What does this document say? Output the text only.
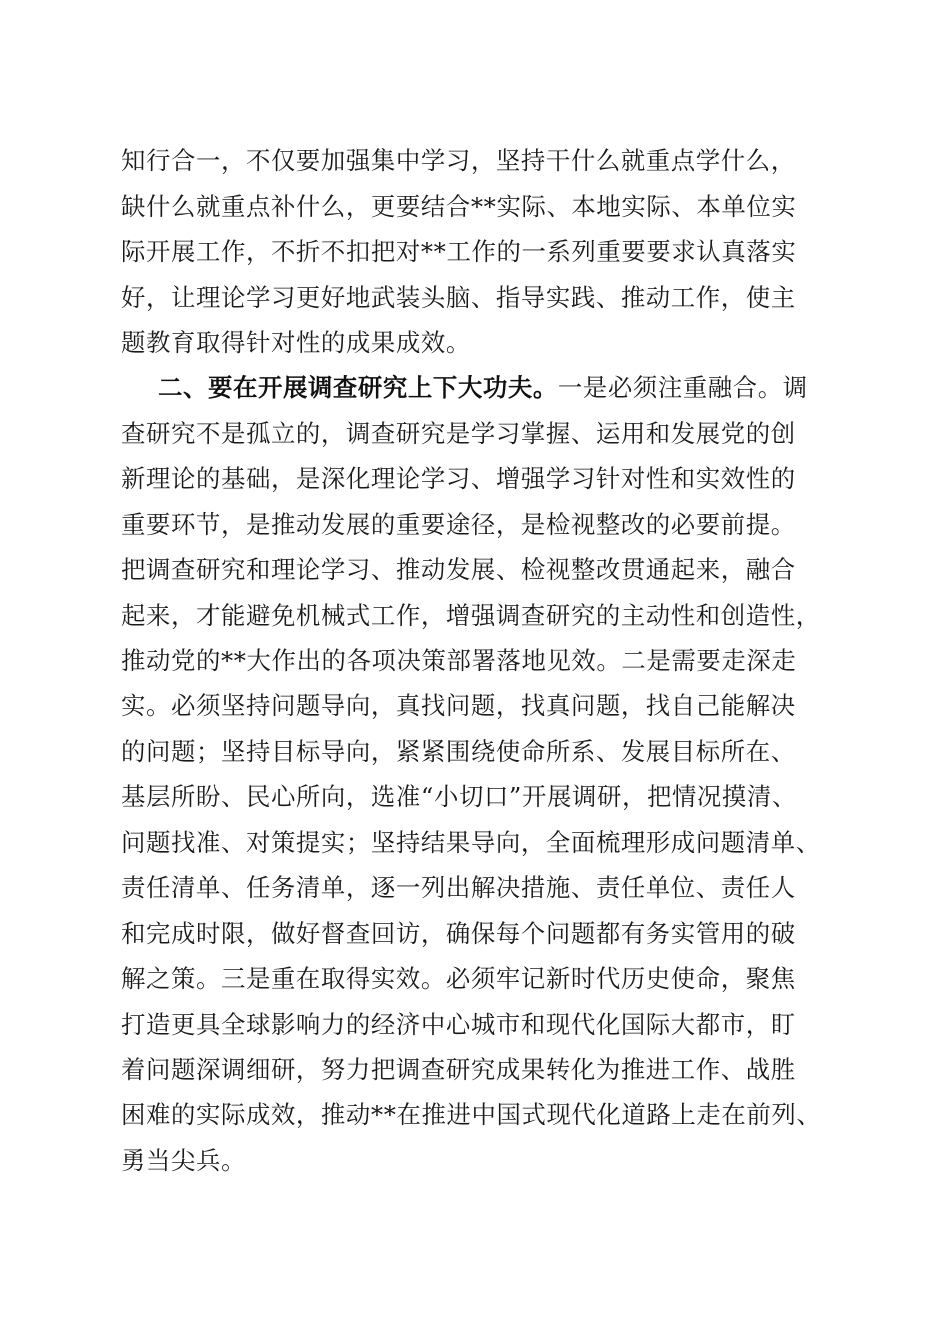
知行合一，不仅要加强集中学习，坚持干什么就重点学什么，
缺什么就重点补什么，更要结合**实际、本地实际、本单位实
际开展工作，不折不扣把对**工作的一系列重要要求认真落实
好，让理论学习更好地武装头脑、指导实践、推动工作，使主
题教育取得针对性的成果成效。
二、要在开展调查研究上下大功夫。一是必须注重融合。调
查研究不是孤立的，调查研究是学习掌握、运用和发展党的创
新理论的基础，是深化理论学习、增强学习针对性和实效性的
重要环节，是推动发展的重要途径，是检视整改的必要前提。
把调查研究和理论学习、推动发展、检视整改贯通起来，融合
起来，才能避免机械式工作，增强调查研究的主动性和创造性，
推动党的**大作出的各项决策部署落地见效。二是需要走深走
实。必须坚持问题导向，真找问题，找真问题，找自己能解决
的问题；坚持目标导向，紧紧围绕使命所系、发展目标所在、
基层所盼、民心所向，选准“小切口”开展调研，把情况摸清、
问题找准、对策提实；坚持结果导向，全面梳理形成问题清单、
责任清单、任务清单，逐一列出解决措施、责任单位、责任人
和完成时限，做好督查回访，确保每个问题都有务实管用的破
解之策。三是重在取得实效。必须牢记新时代历史使命，聚焦
打造更具全球影响力的经济中心城市和现代化国际大都市，盯
着问题深调细研，努力把调查研究成果转化为推进工作、战胜
困难的实际成效，推动**在推进中国式现代化道路上走在前列、
勇当尖兵。
